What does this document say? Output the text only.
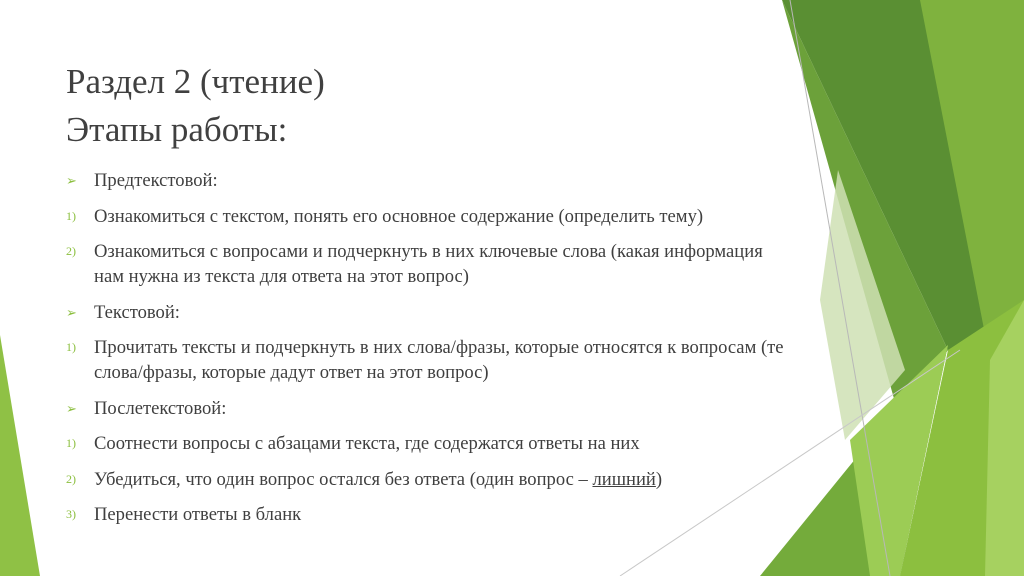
Раздел 2 (чтение)
Этапы работы:
➢ Предтекстовой:
1) Ознакомиться с текстом, понять его основное содержание (определить тему)
2) Ознакомиться с вопросами и подчеркнуть в них ключевые слова (какая информация нам нужна из текста для ответа на этот вопрос)
➢ Текстовой:
1) Прочитать тексты и подчеркнуть в них слова/фразы, которые относятся к вопросам (те слова/фразы, которые дадут ответ на этот вопрос)
➢ Послетекстовой:
1) Соотнести вопросы с абзацами текста, где содержатся ответы на них
2) Убедиться, что один вопрос остался без ответа (один вопрос – лишний)
3) Перенести ответы в бланк
